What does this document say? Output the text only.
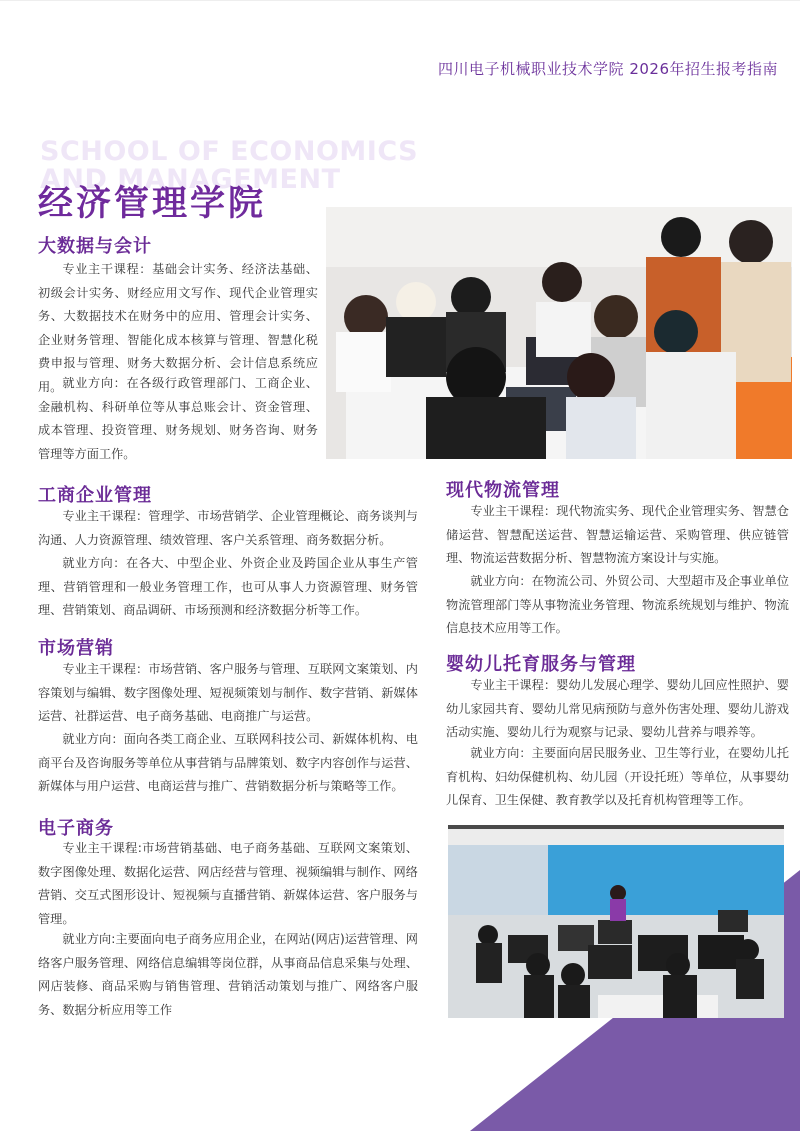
四川电子机械职业技术学院 2026年招生报考指南
SCHOOL OF ECONOMICS
AND MANAGEMENT
经济管理学院
大数据与会计

专业主干课程：基础会计实务、经济法基础、初级会计实务、财经应用文写作、现代企业管理实务、大数据技术在财务中的应用、管理会计实务、企业财务管理、智能化成本核算与管理、智慧化税费申报与管理、财务大数据分析、会计信息系统应用。 就业方向：在各级行政管理部门、工商企业、金融机构、科研单位等从事总账会计、资金管理、成本管理、投资管理、财务规划、财务咨询、财务管理等方面工作。

工商企业管理

专业主干课程：管理学、市场营销学、企业管理概论、商务谈判与沟通、人力资源管理、绩效管理、客户关系管理、商务数据分析。

就业方向：在各大、中型企业、外资企业及跨国企业从事生产管理、营销管理和一般业务管理工作，也可从事人力资源管理、财务管理、营销策划、商品调研、市场预测和经济数据分析等工作。

市场营销

专业主干课程：市场营销、客户服务与管理、互联网文案策划、内容策划与编辑、数字图像处理、短视频策划与制作、数字营销、新媒体运营、社群运营、电子商务基础、电商推广与运营。

就业方向：面向各类工商企业、互联网科技公司、新媒体机构、电商平台及咨询服务等单位从事营销与品牌策划、数字内容创作与运营、新媒体与用户运营、电商运营与推广、营销数据分析与策略等工作。

电子商务

专业主干课程:市场营销基础、电子商务基础、互联网文案策划、数字图像处理、数据化运营、网店经营与管理、视频编辑与制作、网络营销、交互式图形设计、短视频与直播营销、新媒体运营、客户服务与管理。

就业方向:主要面向电子商务应用企业，在网站(网店)运营管理、网络客户服务管理、网络信息编辑等岗位群，从事商品信息采集与处理、网店装修、商品采购与销售管理、营销活动策划与推广、网络客户服务、数据分析应用等工作

现代物流管理

专业主干课程：现代物流实务、现代企业管理实务、智慧仓储运营、智慧配送运营、智慧运输运营、采购管理、供应链管理、物流运营数据分析、智慧物流方案设计与实施。

就业方向：在物流公司、外贸公司、大型超市及企事业单位物流管理部门等从事物流业务管理、物流系统规划与维护、物流信息技术应用等工作。

婴幼儿托育服务与管理

专业主干课程：婴幼儿发展心理学、婴幼儿回应性照护、婴幼儿家园共育、婴幼儿常见病预防与意外伤害处理、婴幼儿游戏活动实施、婴幼儿行为观察与记录、婴幼儿营养与喂养等。

就业方向：主要面向居民服务业、卫生等行业，在婴幼儿托育机构、妇幼保健机构、幼儿园（开设托班）等单位，从事婴幼儿保育、卫生保健、教育教学以及托育机构管理等工作。
